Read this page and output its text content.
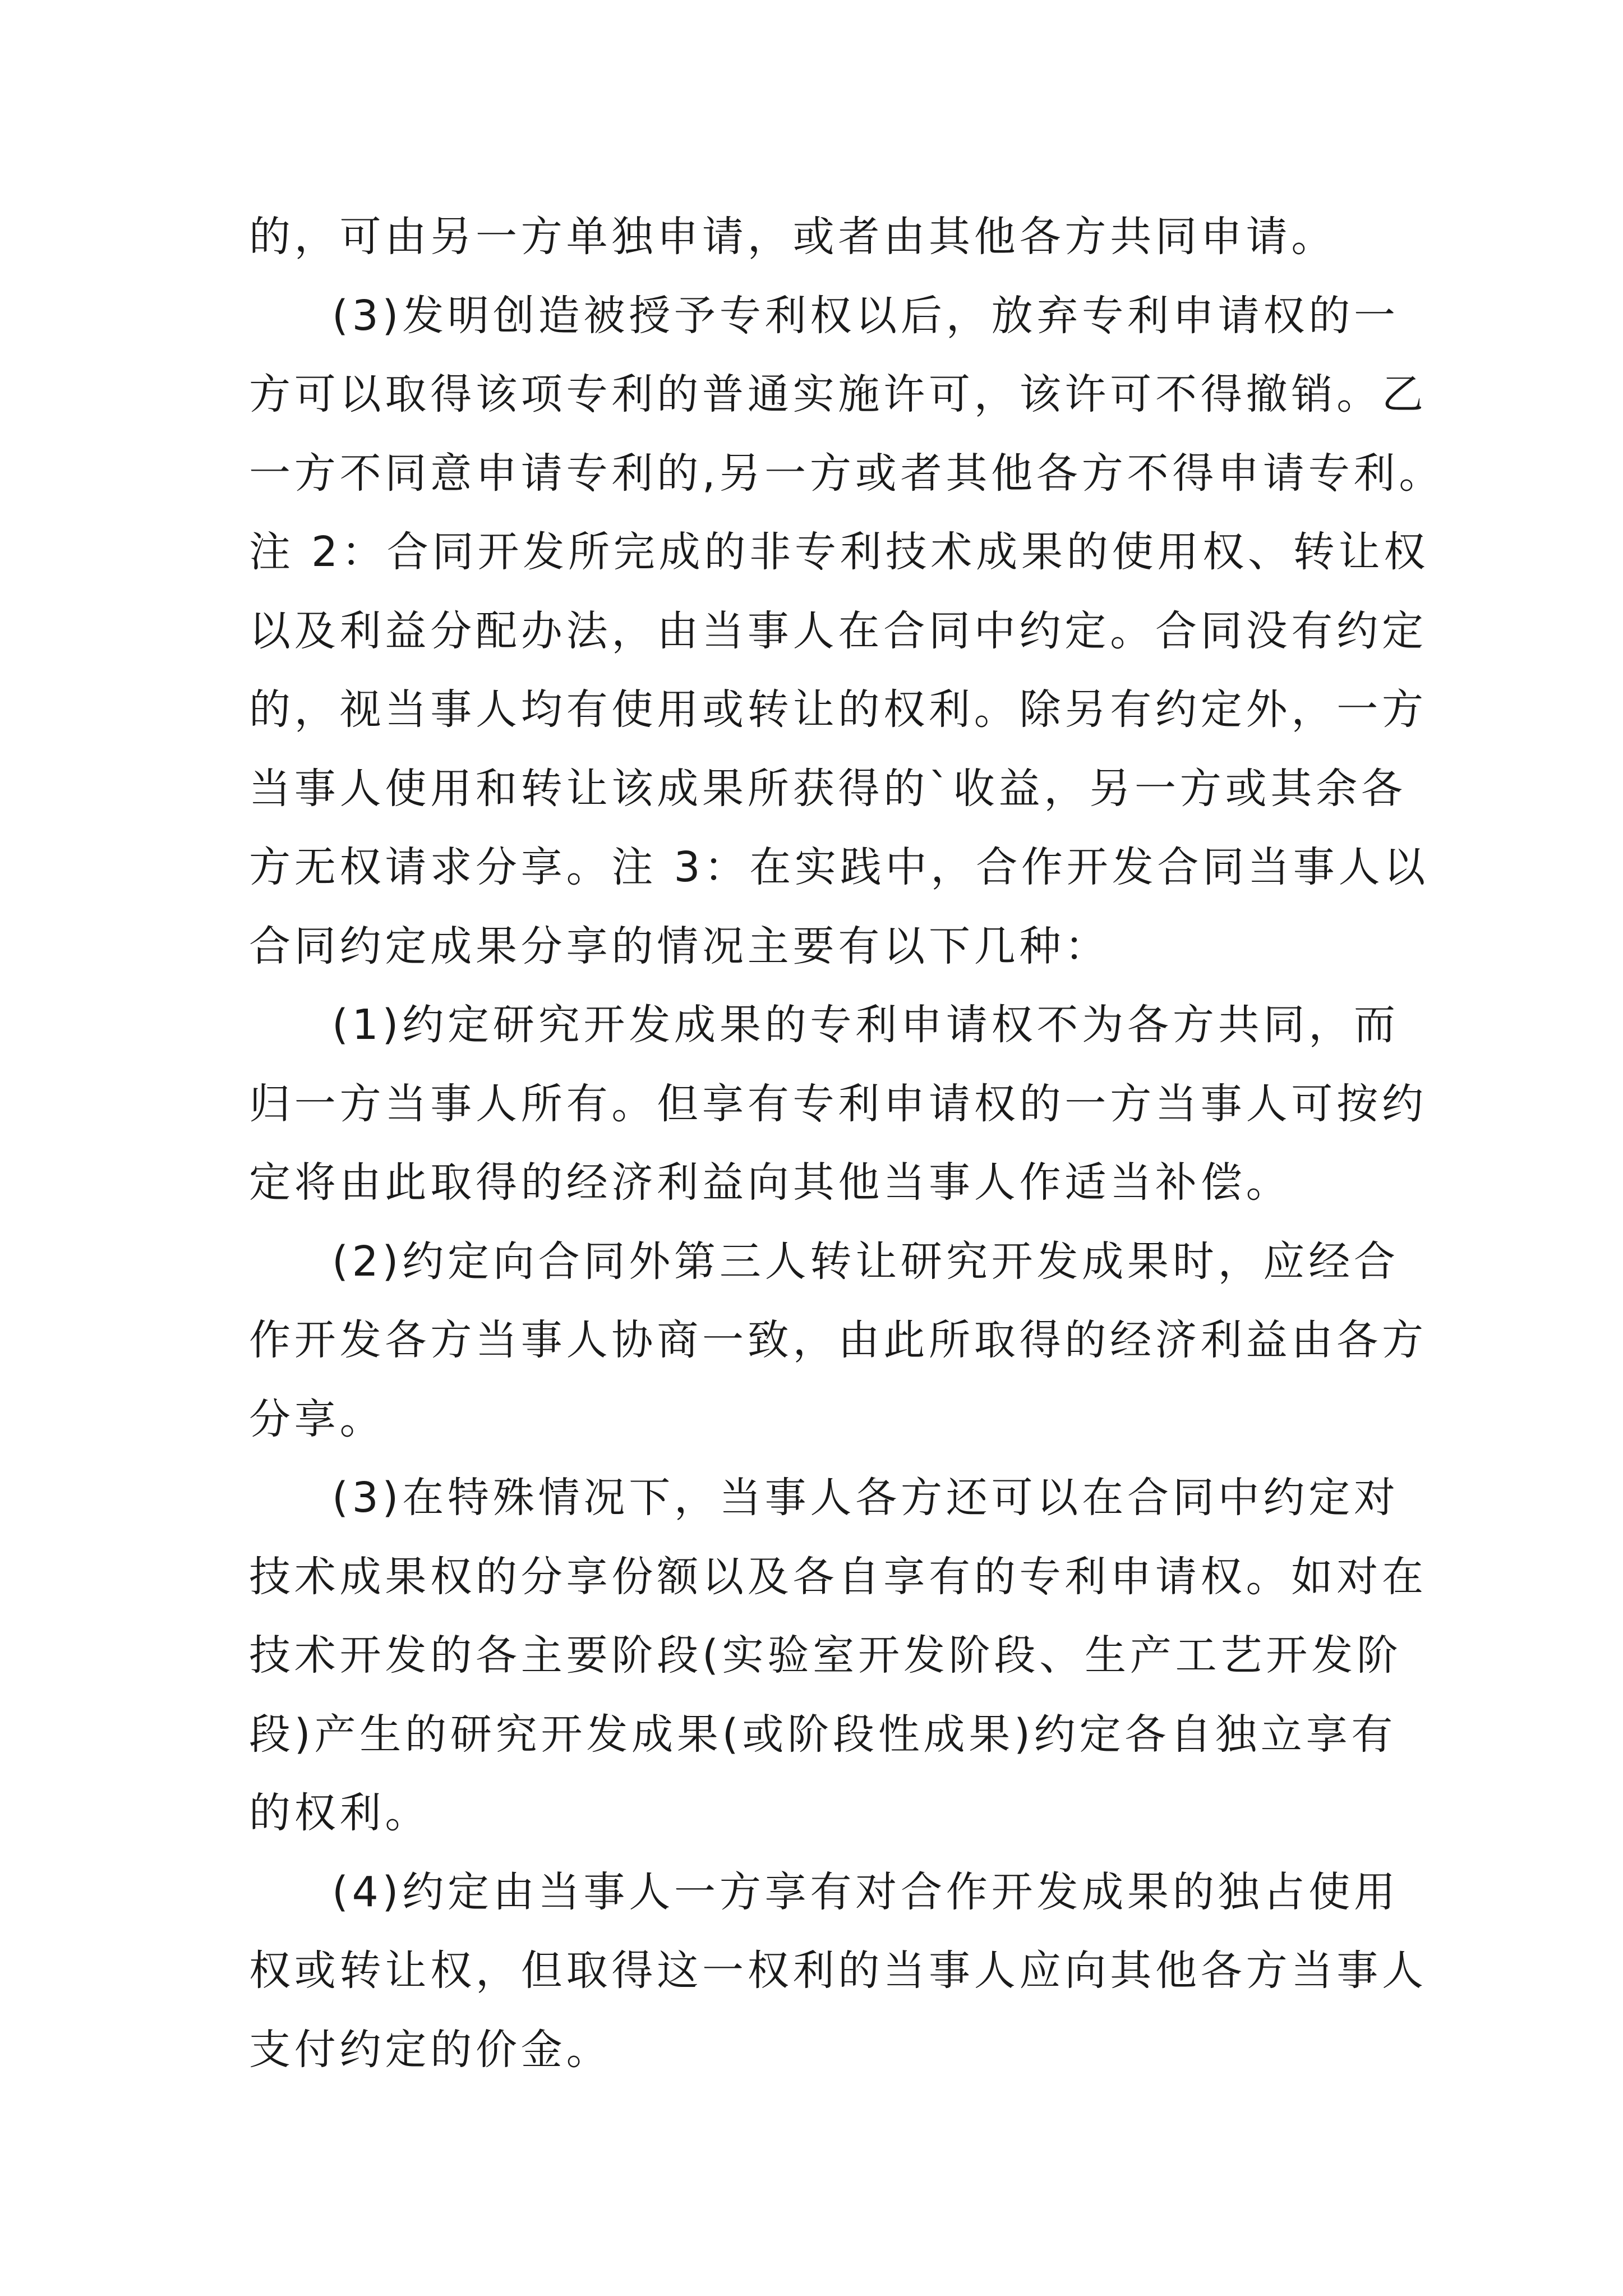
的，可由另一方单独申请，或者由其他各方共同申请。
(3)发明创造被授予专利权以后，放弃专利申请权的一
方可以取得该项专利的普通实施许可，该许可不得撤销。乙
一方不同意申请专利的,另一方或者其他各方不得申请专利。
注 2：合同开发所完成的非专利技术成果的使用权、转让权
以及利益分配办法，由当事人在合同中约定。合同没有约定
的，视当事人均有使用或转让的权利。除另有约定外，一方
当事人使用和转让该成果所获得的`收益，另一方或其余各
方无权请求分享。注 3：在实践中，合作开发合同当事人以
合同约定成果分享的情况主要有以下几种：
(1)约定研究开发成果的专利申请权不为各方共同，而
归一方当事人所有。但享有专利申请权的一方当事人可按约
定将由此取得的经济利益向其他当事人作适当补偿。
(2)约定向合同外第三人转让研究开发成果时，应经合
作开发各方当事人协商一致，由此所取得的经济利益由各方
分享。
(3)在特殊情况下，当事人各方还可以在合同中约定对
技术成果权的分享份额以及各自享有的专利申请权。如对在
技术开发的各主要阶段(实验室开发阶段、生产工艺开发阶
段)产生的研究开发成果(或阶段性成果)约定各自独立享有
的权利。
(4)约定由当事人一方享有对合作开发成果的独占使用
权或转让权，但取得这一权利的当事人应向其他各方当事人
支付约定的价金。
